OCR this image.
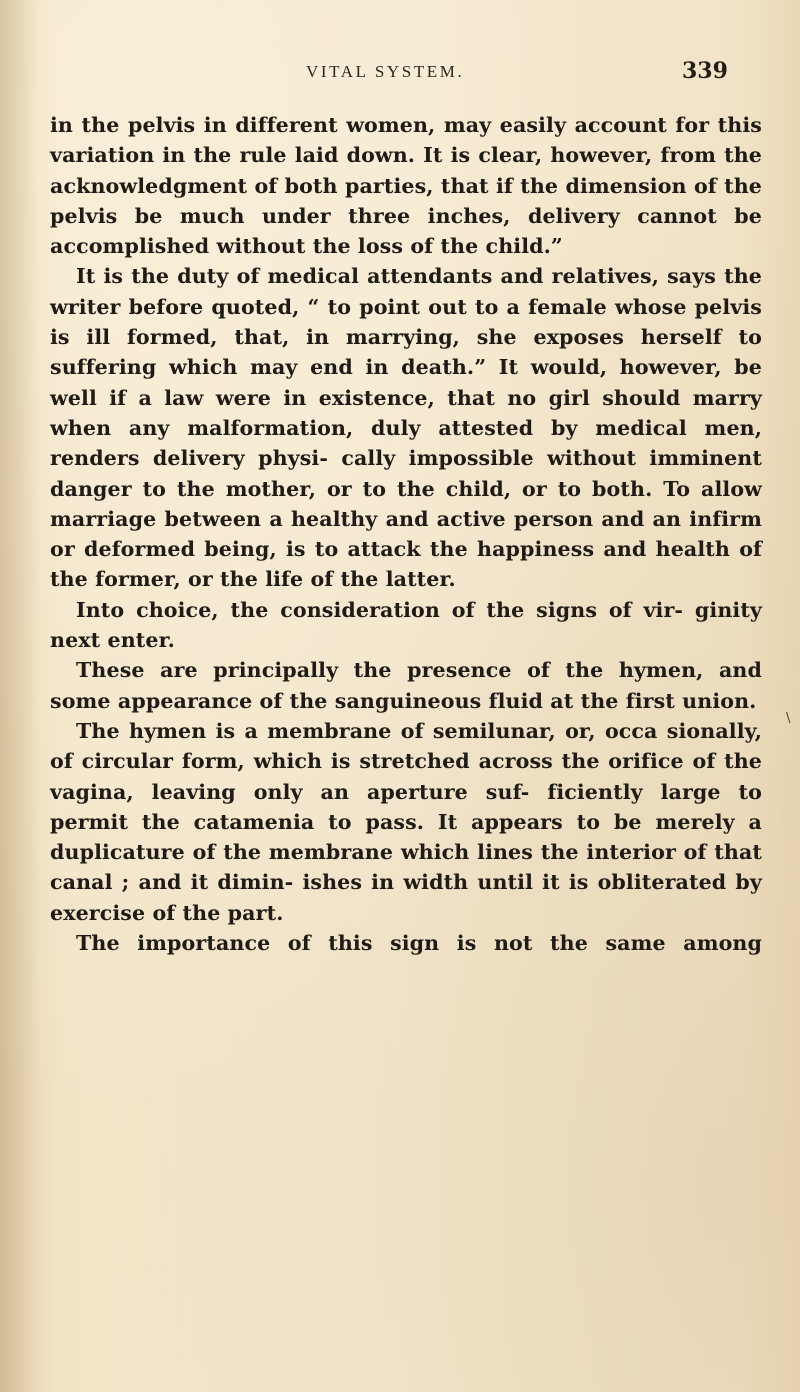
VITAL SYSTEM.	339

in the pelvis in different women, may easily account for this variation in the rule laid down. It is clear, however, from the acknowledgment of both parties, that if the dimension of the pelvis be much under three inches, delivery cannot be accomplished without the loss of the child.”

It is the duty of medical attendants and relatives, says the writer before quoted, “ to point out to a female whose pelvis is ill formed, that, in marrying, she exposes herself to suffering which may end in death.” It would, however, be well if a law were in existence, that no girl should marry when any malformation, duly attested by medical men, renders delivery physi- cally impossible without imminent danger to the mother, or to the child, or to both. To allow marriage between a healthy and active person and an infirm or deformed being, is to attack the happiness and health of the former, or the life of the latter.

Into choice, the consideration of the signs of vir- ginity next enter.

These are principally the presence of the hymen, and some appearance of the sanguineous fluid at the first union.

The hymen is a membrane of semilunar, or, occa sionally, of circular form, which is stretched across the orifice of the vagina, leaving only an aperture suf- ficiently large to permit the catamenia to pass. It appears to be merely a duplicature of the membrane which lines the interior of that canal ; and it dimin- ishes in width until it is obliterated by exercise of the part.

The importance of this sign is not the same among

\
